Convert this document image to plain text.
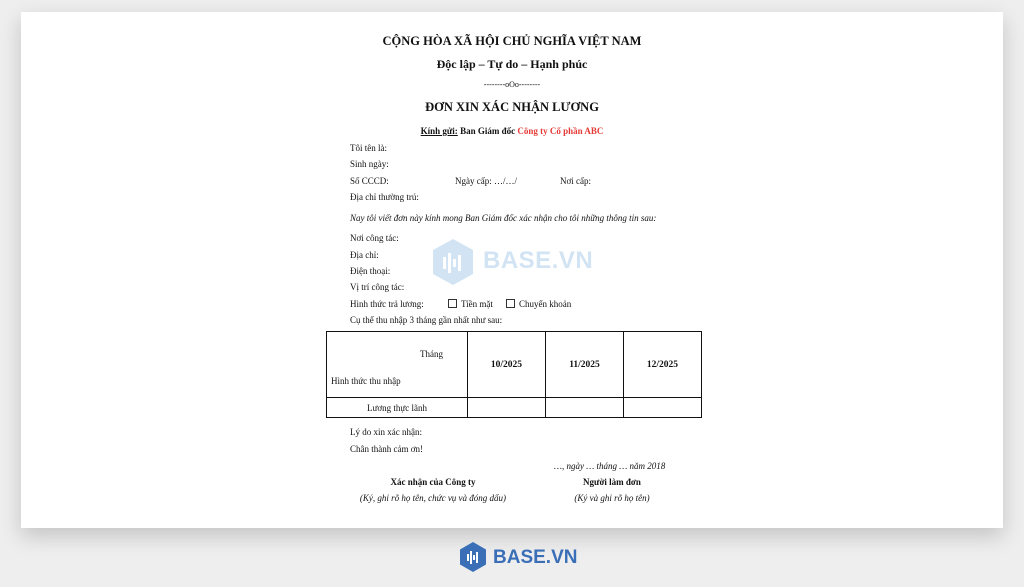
CỘNG HÒA XÃ HỘI CHỦ NGHĨA VIỆT NAM
Độc lập – Tự do – Hạnh phúc
--------oOo--------
ĐƠN XIN XÁC NHẬN LƯƠNG
Kính gửi: Ban Giám đốc Công ty Cổ phần ABC
Tôi tên là:
Sinh ngày:
Số CCCD:	Ngày cấp: …/…/	Nơi cấp:
Địa chỉ thường trú:
Nay tôi viết đơn này kính mong Ban Giám đốc xác nhận cho tôi những thông tin sau:
Nơi công tác:
Địa chỉ:
Điện thoại:
Vị trí công tác:
Hình thức trả lương:	Tiền mặt	Chuyển khoản
Cụ thể thu nhập 3 tháng gần nhất như sau:
Tháng
Hình thức thu nhập	10/2025	11/2025	12/2025
Lương thực lãnh			
Lý do xin xác nhận:
Chân thành cảm ơn!
…, ngày … tháng … năm 2018
Xác nhận của Công ty
(Ký, ghi rõ họ tên, chức vụ và đóng dấu)
Người làm đơn
(Ký và ghi rõ họ tên)
BASE.VN
BASE.VN
